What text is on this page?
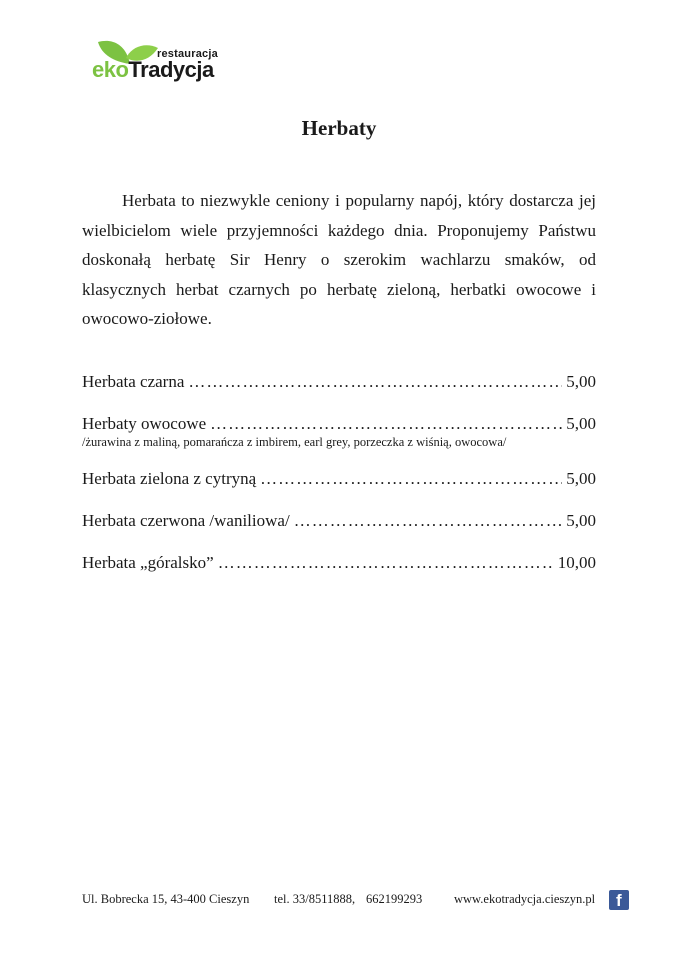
restauracja
ekoTradycja
Herbaty

Herbata to niezwykle ceniony i popularny napój, który dostarcza jej wielbicielom wiele przyjemności każdego dnia. Proponujemy Państwu doskonałą herbatę Sir Henry o szerokim wachlarzu smaków, od klasycznych herbat czarnych po herbatę zieloną, herbatki owocowe i owocowo-ziołowe.

Herbata czarna ……………………………………………………………………………………………………………………	5,00
Herbaty owocowe ……………………………………………………………………………………………………………………	5,00
/żurawina z maliną, pomarańcza z imbirem, earl grey, porzeczka z wiśnią, owocowa/
Herbata zielona z cytryną ……………………………………………………………………………………………………………………	5,00
Herbata czerwona /waniliowa/ ……………………………………………………………………………………………………………………	5,00
Herbata „góralsko” ……………………………………………………………………………………………………………………	10,00
Ul. Bobrecka 15, 43-400 Cieszyn tel. 33/8511888, 662199293	www.ekotradycja.cieszyn.pl f
